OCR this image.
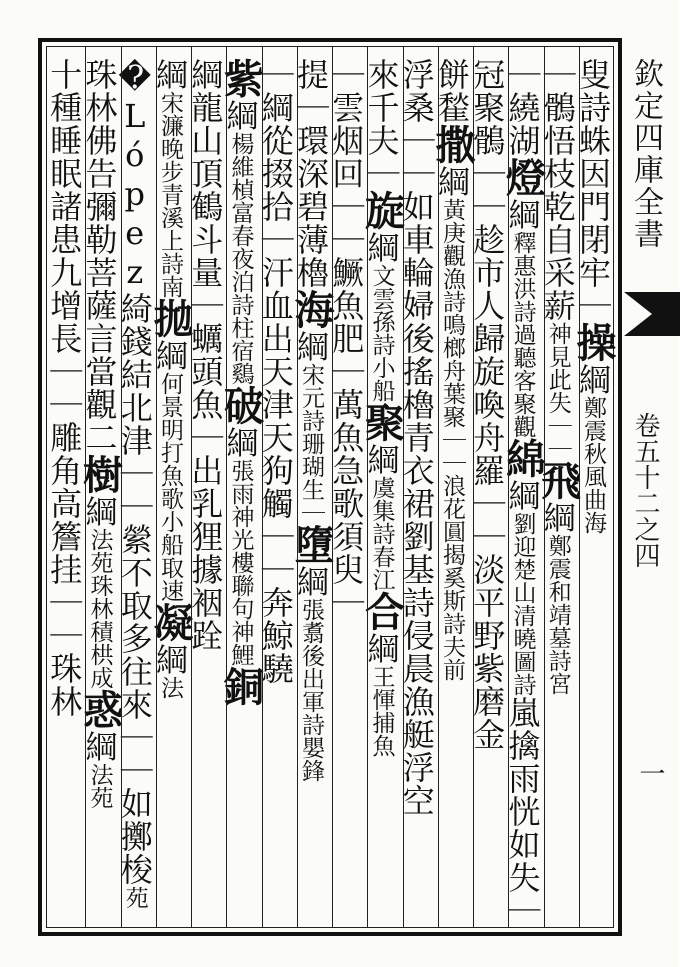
欽定四庫全書
卷五十二之四
一
叟詩蛛因門閉牢｜操綱鄭震秋風曲海
｜鶻悟枝乾自采薪神見此失｜｜飛綱鄭震和靖墓詩宮
｜繞湖燈綱釋惠洪詩過聽客聚觀綿綱劉迎楚山清曉圖詩嵐擒雨恍如失｜
冠聚鶻｜｜趁市人歸旋喚舟羅｜｜淡平野紫磨金
餅䨂撒綱黃庚觀漁詩鳴榔舟葉聚｜｜浪花圓揭奚斯詩夫前
浮桑｜｜如車輪婦後搖櫓青衣裙劉基詩侵晨漁艇浮空
來千夫｜旋綱文雲孫詩小船聚綱虞集詩春江合綱王惲捕魚
｜雲烟回｜｜鱖魚肥｜萬魚急歌須臾｜
提｜環深碧薄櫓海綱宋元詩珊瑚生｜墮綱張翥後出軍詩嬰鋒
｜綱從掇拾｜汗血出天津天狗觸｜｜奔鯨驍
紫綱楊維楨富春夜泊詩柱宿鷄破綱張雨神光樓聯句神鯉銅
綱龍山頂鶴斗量｜蠣頭魚｜出乳狸據裀跧
綱宋濂晚步青溪上詩南拋綱何景明打魚歌小船取速凝綱法
�López綺錢結北津｜｜縈不取多往來｜｜如擲梭苑
珠林佛告彌勒菩薩言當觀二樹綱法苑珠林積栱成惑綱法苑
十種睡眠諸患九增長｜｜雕角高簷挂｜｜珠林
